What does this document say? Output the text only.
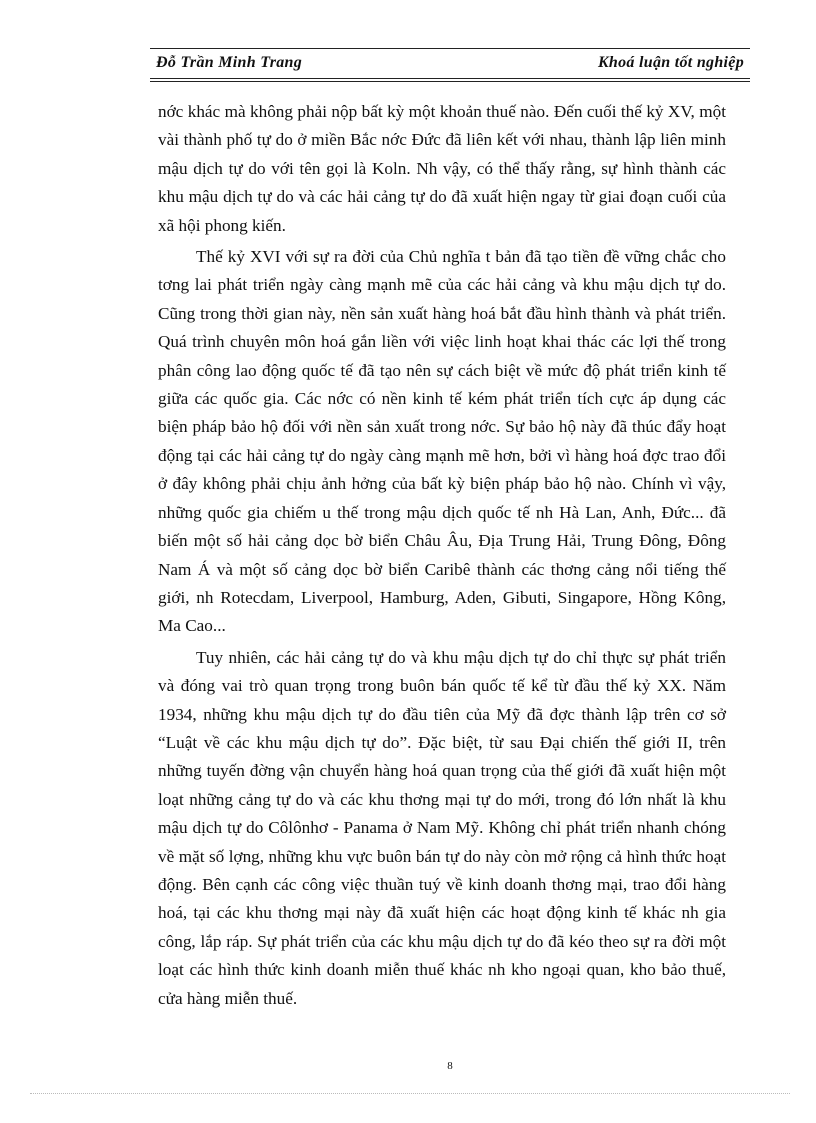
Đỗ Trần Minh Trang	Khoá luận tốt nghiệp

nớc khác mà không phải nộp bất kỳ một khoản thuế nào. Đến cuối thế kỷ XV, một vài thành phố tự do ở miền Bắc nớc Đức đã liên kết với nhau, thành lập liên minh mậu dịch tự do với tên gọi là Koln. Nh vậy, có thể thấy rằng, sự hình thành các khu mậu dịch tự do và các hải cảng tự do đã xuất hiện ngay từ giai đoạn cuối của xã hội phong kiến.

Thế kỷ XVI với sự ra đời của Chủ nghĩa t bản đã tạo tiền đề vững chắc cho tơng lai phát triển ngày càng mạnh mẽ của các hải cảng và khu mậu dịch tự do. Cũng trong thời gian này, nền sản xuất hàng hoá bắt đầu hình thành và phát triển. Quá trình chuyên môn hoá gắn liền với việc linh hoạt khai thác các lợi thế trong phân công lao động quốc tế đã tạo nên sự cách biệt về mức độ phát triển kinh tế giữa các quốc gia. Các nớc có nền kinh tế kém phát triển tích cực áp dụng các biện pháp bảo hộ đối với nền sản xuất trong nớc. Sự bảo hộ này đã thúc đẩy hoạt động tại các hải cảng tự do ngày càng mạnh mẽ hơn, bởi vì hàng hoá đợc trao đổi ở đây không phải chịu ảnh hởng của bất kỳ biện pháp bảo hộ nào. Chính vì vậy, những quốc gia chiếm u thế trong mậu dịch quốc tế nh Hà Lan, Anh, Đức... đã biến một số hải cảng dọc bờ biển Châu Âu, Địa Trung Hải, Trung Đông, Đông Nam Á và một số cảng dọc bờ biển Caribê thành các thơng cảng nổi tiếng thế giới, nh Rotecdam, Liverpool, Hamburg, Aden, Gibuti, Singapore, Hồng Kông, Ma Cao...

Tuy nhiên, các hải cảng tự do và khu mậu dịch tự do chỉ thực sự phát triển và đóng vai trò quan trọng trong buôn bán quốc tế kể từ đầu thế kỷ XX. Năm 1934, những khu mậu dịch tự do đầu tiên của Mỹ đã đợc thành lập trên cơ sở “Luật về các khu mậu dịch tự do”. Đặc biệt, từ sau Đại chiến thế giới II, trên những tuyến đờng vận chuyển hàng hoá quan trọng của thế giới đã xuất hiện một loạt những cảng tự do và các khu thơng mại tự do mới, trong đó lớn nhất là khu mậu dịch tự do Côlônhơ - Panama ở Nam Mỹ. Không chỉ phát triển nhanh chóng về mặt số lợng, những khu vực buôn bán tự do này còn mở rộng cả hình thức hoạt động. Bên cạnh các công việc thuần tuý về kinh doanh thơng mại, trao đổi hàng hoá, tại các khu thơng mại này đã xuất hiện các hoạt động kinh tế khác nh gia công, lắp ráp. Sự phát triển của các khu mậu dịch tự do đã kéo theo sự ra đời một loạt các hình thức kinh doanh miễn thuế khác nh kho ngoại quan, kho bảo thuế, cửa hàng miễn thuế.

8
